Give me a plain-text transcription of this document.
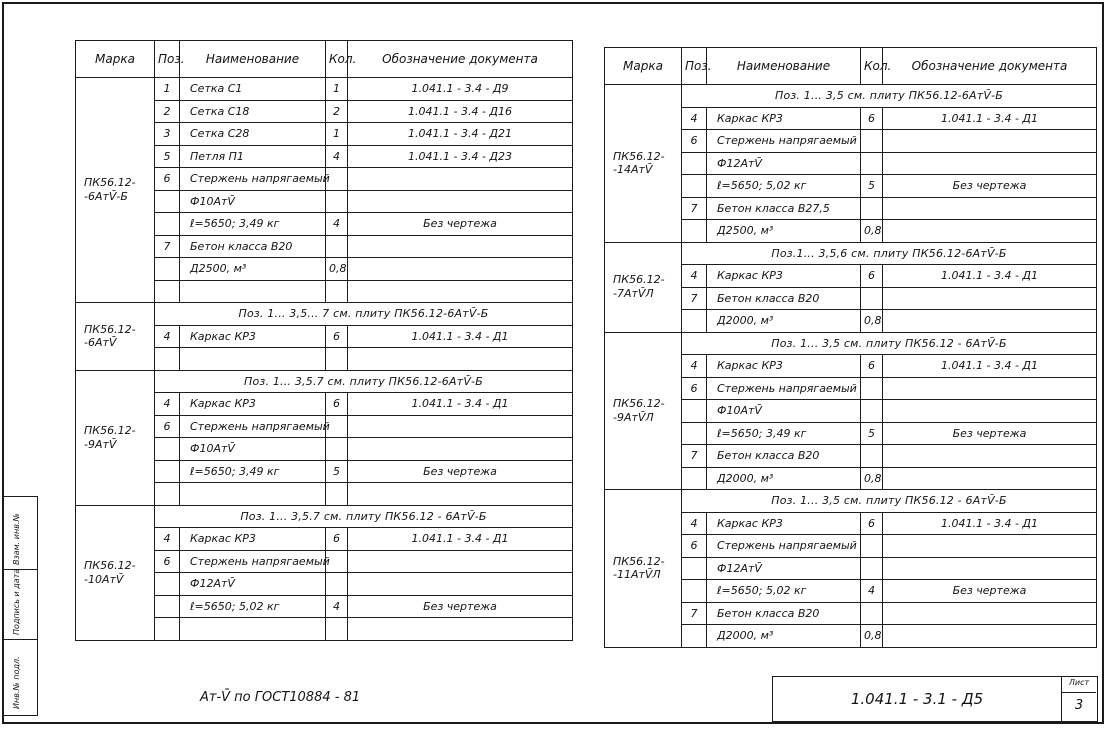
Марка	Поз.	Наименование	Кол.	Обозначение документа
ПК56.12-
-6АтV̄-Б	1	Сетка С1	1	1.041.1 - 3.4 - Д9
	2	Сетка С18	2	1.041.1 - 3.4 - Д16
	3	Сетка С28	1	1.041.1 - 3.4 - Д21
	5	Петля П1	4	1.041.1 - 3.4 - Д23
	6	Стержень напрягаемый		
		Ф10АтV̄		
		ℓ=5650; 3,49 кг	4	Без чертежа
	7	Бетон класса В20		
		Д2500, м³	0,8	

ПК56.12-
-6АтV̄	Поз. 1... 3,5... 7 см. плиту ПК56.12-6АтV̄-Б			
	4	Каркас КР3	6	1.041.1 - 3.4 - Д1

ПК56.12-
-9АтV̄	Поз. 1... 3,5.7 см. плиту ПК56.12-6АтV̄-Б			
	4	Каркас КР3	6	1.041.1 - 3.4 - Д1
	6	Стержень напрягаемый		
		Ф10АтV̄		
		ℓ=5650; 3,49 кг	5	Без чертежа

ПК56.12-
-10АтV̄	Поз. 1... 3,5.7 см. плиту ПК56.12 - 6АтV̄-Б			
	4	Каркас КР3	6	1.041.1 - 3.4 - Д1
	6	Стержень напрягаемый		
		Ф12АтV̄		
		ℓ=5650; 5,02 кг	4	Без чертежа

Марка	Поз.	Наименование	Кол.	Обозначение документа
ПК56.12-
-14АтV̄	Поз. 1... 3,5 см. плиту ПК56.12-6АтV̄-Б			
	4	Каркас КР3	6	1.041.1 - 3.4 - Д1
	6	Стержень напрягаемый		
		Ф12АтV̄		
		ℓ=5650; 5,02 кг	5	Без чертежа
	7	Бетон класса В27,5		
		Д2500, м³	0,8	
ПК56.12-
-7АтV̄Л	Поз.1... 3,5,6 см. плиту ПК56.12-6АтV̄-Б			
	4	Каркас КР3	6	1.041.1 - 3.4 - Д1
	7	Бетон класса В20		
		Д2000, м³	0,8	
ПК56.12-
-9АтV̄Л	Поз. 1... 3,5 см. плиту ПК56.12 - 6АтV̄-Б			
	4	Каркас КР3	6	1.041.1 - 3.4 - Д1
	6	Стержень напрягаемый		
		Ф10АтV̄		
		ℓ=5650; 3,49 кг	5	Без чертежа
	7	Бетон класса В20		
		Д2000, м³	0,8	
ПК56.12-
-11АтV̄Л	Поз. 1... 3,5 см. плиту ПК56.12 - 6АтV̄-Б			
	4	Каркас КР3	6	1.041.1 - 3.4 - Д1
	6	Стержень напрягаемый		
		Ф12АтV̄		
		ℓ=5650; 5,02 кг	4	Без чертежа
	7	Бетон класса В20		
		Д2000, м³	0,8	
Инв.№ подл.
Подпись и дата
Взам. инв.№
Ат-V̄ по ГОСТ10884 - 81	1.041.1 - 3.1 - Д5
Лист
3
